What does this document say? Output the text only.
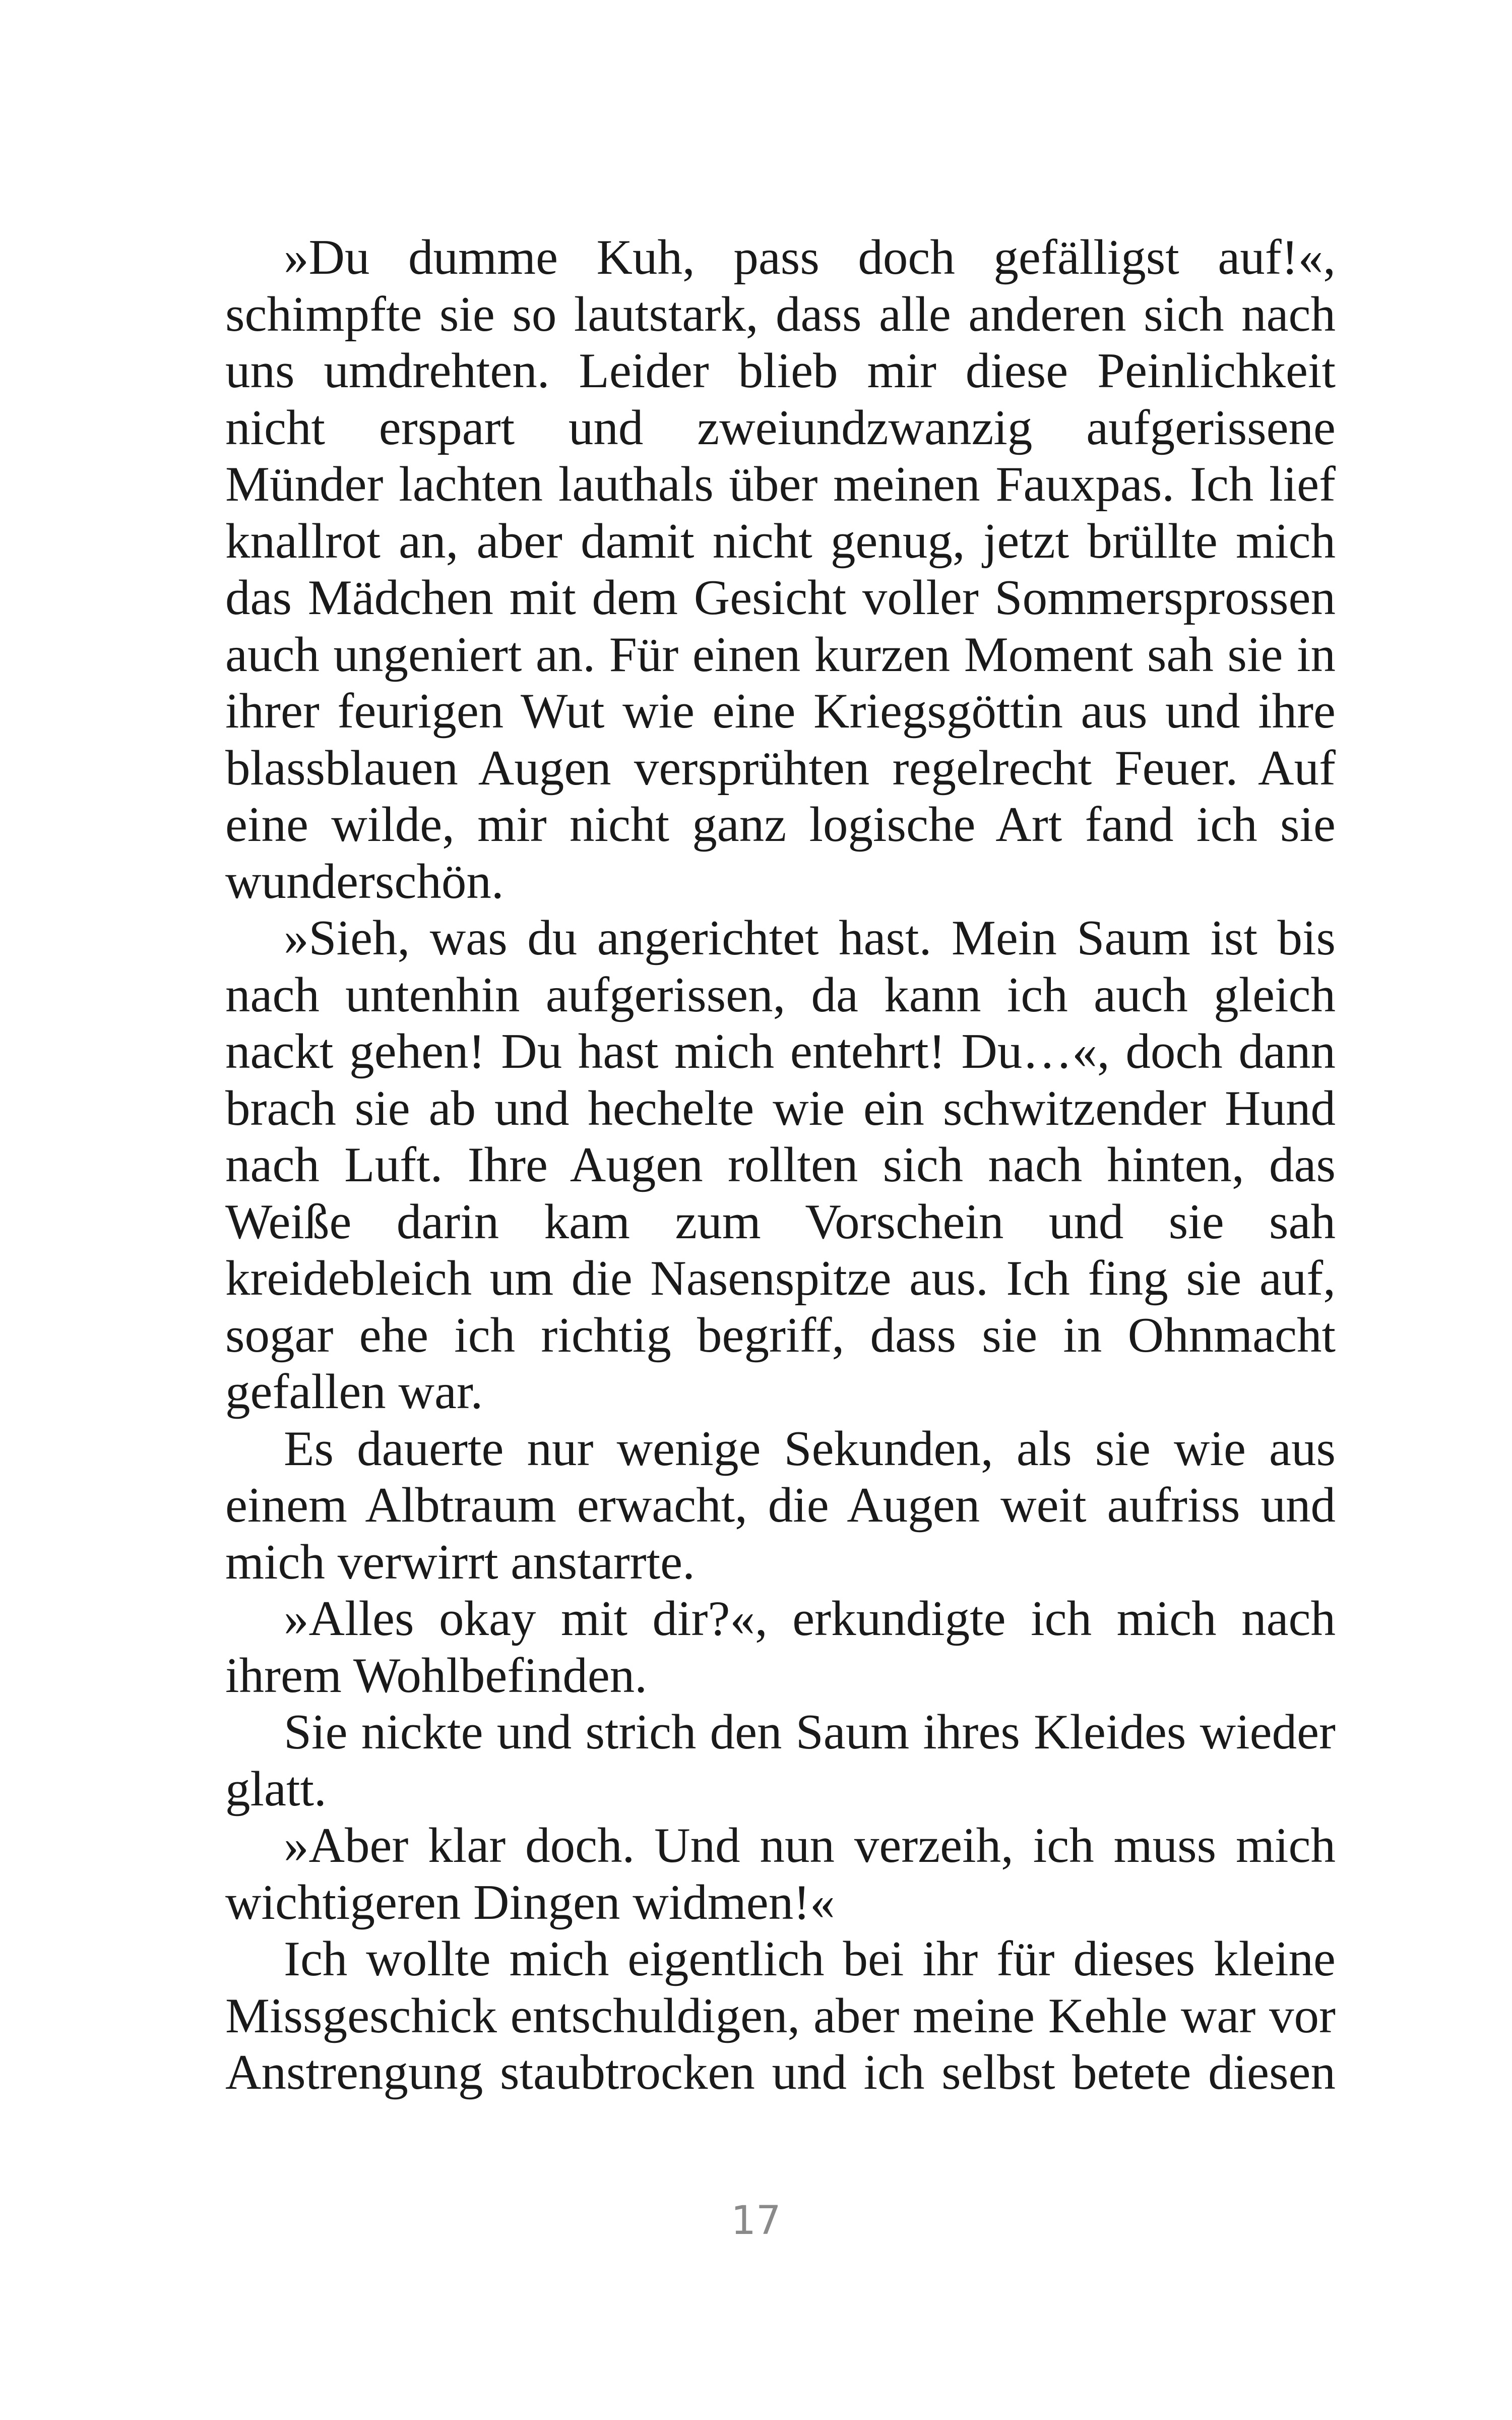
»Du dumme Kuh, pass doch gefälligst auf!«, schimpfte sie so lautstark, dass alle anderen sich nach uns umdrehten. Leider blieb mir diese Peinlichkeit nicht erspart und zweiundzwanzig aufgerissene Münder lachten lauthals über meinen Fauxpas. Ich lief knallrot an, aber damit nicht genug, jetzt brüllte mich das Mädchen mit dem Gesicht voller Sommersprossen auch ungeniert an. Für einen kurzen Moment sah sie in ihrer feurigen Wut wie eine Kriegsgöttin aus und ihre blassblauen Augen versprühten regelrecht Feuer. Auf eine wilde, mir nicht ganz logische Art fand ich sie wunderschön.

»Sieh, was du angerichtet hast. Mein Saum ist bis nach untenhin aufgerissen, da kann ich auch gleich nackt gehen! Du hast mich entehrt! Du…«, doch dann brach sie ab und hechelte wie ein schwitzender Hund nach Luft. Ihre Augen rollten sich nach hinten, das Weiße darin kam zum Vorschein und sie sah kreidebleich um die Nasenspitze aus. Ich fing sie auf, sogar ehe ich richtig begriff, dass sie in Ohnmacht gefallen war.

Es dauerte nur wenige Sekunden, als sie wie aus einem Albtraum erwacht, die Augen weit aufriss und mich verwirrt anstarrte.

»Alles okay mit dir?«, erkundigte ich mich nach ihrem Wohlbefinden.

Sie nickte und strich den Saum ihres Kleides wieder glatt.

»Aber klar doch. Und nun verzeih, ich muss mich wichtigeren Dingen widmen!«

Ich wollte mich eigentlich bei ihr für dieses kleine Missgeschick entschuldigen, aber meine Kehle war vor Anstrengung staubtrocken und ich selbst betete diesen

17
